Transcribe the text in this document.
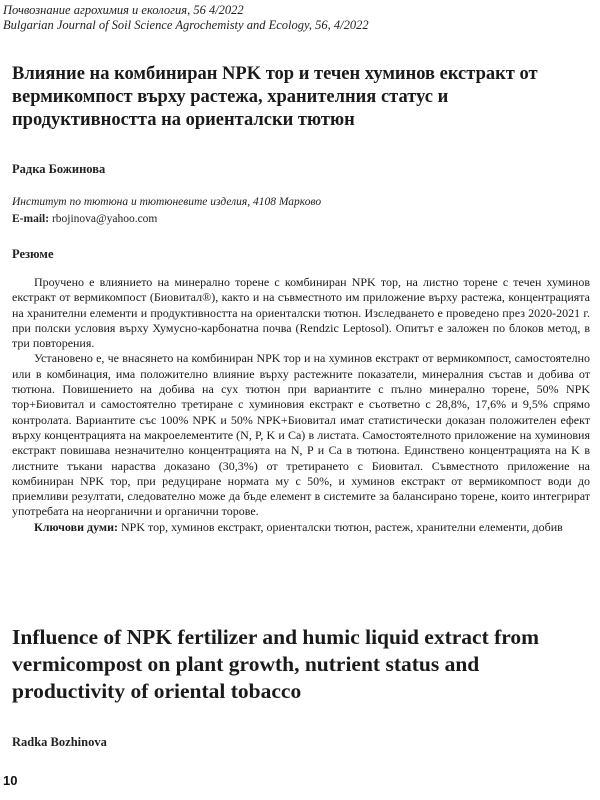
Почвознание агрохимия и екология, 56 4/2022
Bulgarian Journal of Soil Science Agrochemisty and Ecology, 56, 4/2022
Влияние на комбиниран NPK тор и течен хуминов екстракт от вермикомпост върху растежа, хранителния статус и продуктивността на ориенталски тютюн
Радка Божинова
Институт по тютюна и тютюневите изделия, 4108 Марково
E-mail: rbojinova@yahoo.com
Резюме

Проучено е влиянието на минерално торене с комбиниран NPK тор, на листно торене с течен хуминов екстракт от вермикомпост (Биовитал®), както и на съвместното им приложение върху растежа, концентрацията на хранителни елементи и продуктивността на ориенталски тютюн. Изследването е проведено през 2020-2021 г. при полски условия върху Хумусно-карбонатна почва (Rendzic Leptosol). Опитът е заложен по блоков метод, в три повторения.

Установено е, че внасянето на комбиниран NPK тор и на хуминов екстракт от вермикомпост, самостоятелно или в комбинация, има положително влияние върху растежните показатели, минералния състав и добива от тютюна. Повишението на добива на сух тютюн при вариантите с пълно минерално торене, 50% NPK тор+Биовитал и самостоятелно третиране с хуминовия екстракт е съответно с 28,8%, 17,6% и 9,5% спрямо контролата. Вариантите със 100% NPK и 50% NPK+Биовитал имат статистически доказан положителен ефект върху концентрацията на макроелементите (N, P, K и Ca) в листата. Самостоятелното приложение на хуминовия екстракт повишава незначително концентрацията на N, P и Ca в тютюна. Единствено концентрацията на K в листните тъкани нараства доказано (30,3%) от третирането с Биовитал. Съвместното приложение на комбиниран NPK тор, при редуциране нормата му с 50%, и хуминов екстракт от вермикомпост води до приемливи резултати, следователно може да бъде елемент в системите за балансирано торене, които интегрират употребата на неорганични и органични торове.

Ключови думи: NPK тор, хуминов екстракт, ориенталски тютюн, растеж, хранителни елементи, добив

Influence of NPK fertilizer and humic liquid extract from vermicompost on plant growth, nutrient status and productivity of oriental tobacco
Radka Bozhinova
10
